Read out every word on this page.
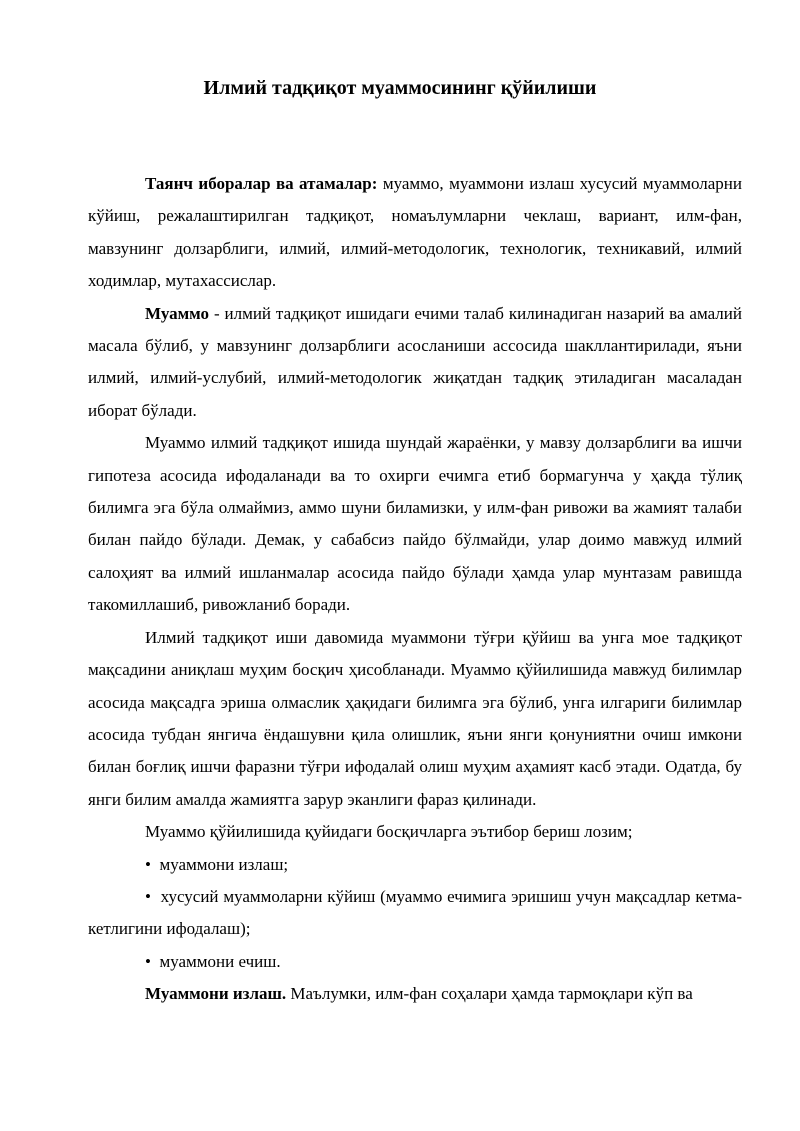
Илмий тадқиқот муаммосининг қўйилиши

Таянч иборалар ва атамалар: муаммо, муаммони излаш хусусий муаммоларни кўйиш, режалаштирилган тадқиқот, номаълумларни чеклаш, вариант, илм-фан, мавзунинг долзарблиги, илмий, илмий-методологик, технологик, техникавий, илмий ходимлар, мутахассислар.

Муаммо - илмий тадқиқот ишидаги ечими талаб килинадиган назарий ва амалий масала бўлиб, у мавзунинг долзарблиги асосланиши ассосида шакллантирилади, яъни илмий, илмий-услубий, илмий-методологик жиқатдан тадқиқ этиладиган масаладан иборат бўлади.

Муаммо илмий тадқиқот ишида шундай жараёнки, у мавзу долзарблиги ва ишчи гипотеза асосида ифодаланади ва то охирги ечимга етиб бормагунча у ҳақда тўлиқ билимга эга бўла олмаймиз, аммо шуни биламизки, у илм-фан ривожи ва жамият талаби билан пайдо бўлади. Демак, у сабабсиз пайдо бўлмайди, улар доимо мавжуд илмий салоҳият ва илмий ишланмалар асосида пайдо бўлади ҳамда улар мунтазам равишда такомиллашиб, ривожланиб боради.

Илмий тадқиқот иши давомида муаммони тўғри қўйиш ва унга мое тадқиқот мақсадини аниқлаш муҳим босқич ҳисобланади. Муаммо қўйилишида мавжуд билимлар асосида мақсадга эриша олмаслик ҳақидаги билимга эга бўлиб, унга илгариги билимлар асосида тубдан янгича ёндашувни қила олишлик, яъни янги қонуниятни очиш имкони билан боғлиқ ишчи фаразни тўғри ифодалай олиш муҳим аҳамият касб этади. Одатда, бу янги билим амалда жамиятга зарур эканлиги фараз қилинади.

Муаммо қўйилишида қуйидаги босқичларга эътибор бериш лозим;

• муаммони излаш;

• хусусий муаммоларни кўйиш (муаммо ечимига эришиш учун мақсадлар кетма-кетлигини ифодалаш);

• муаммони ечиш.

Муаммони излаш. Маълумки, илм-фан соҳалари ҳамда тармоқлари кўп ва
